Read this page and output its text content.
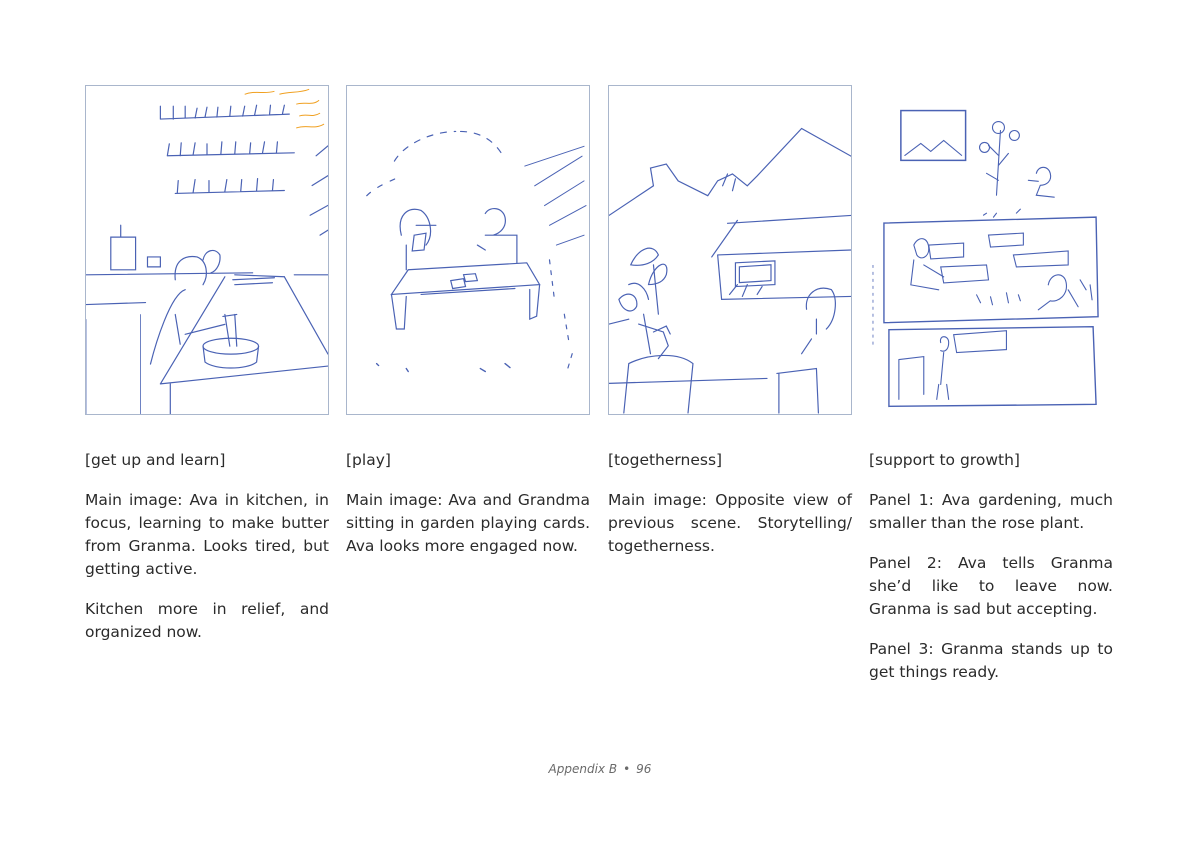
[get up and learn]

Main image: Ava in kitchen, in focus, learning to make butter from Granma. Looks tired, but getting active.

Kitchen more in relief, and organized now.

[play]

Main image: Ava and Grandma sitting in garden playing cards. Ava looks more engaged now.

[togetherness]

Main image: Opposite view of previous scene. Storytelling/ togetherness.

[support to growth]

Panel 1: Ava gardening, much smaller than the rose plant.

Panel 2: Ava tells Granma she’d like to leave now. Granma is sad but accepting.

Panel 3: Granma stands up to get things ready.

Appendix B • 96
